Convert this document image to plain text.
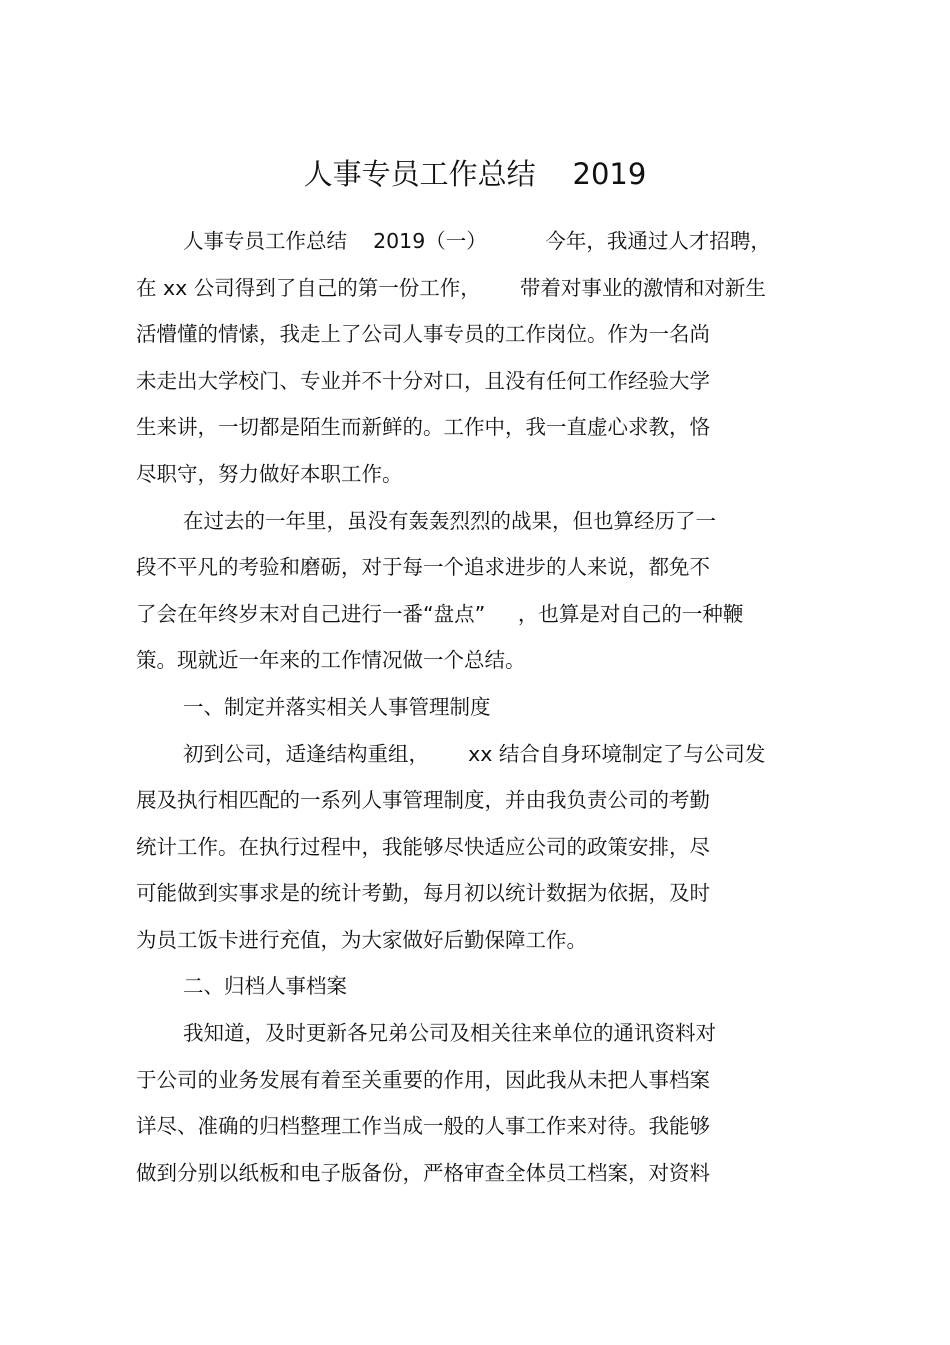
人事专员工作总结    2019
人事专员工作总结    2019（一）         今年，我通过人才招聘，
在 xx 公司得到了自己的第一份工作，      带着对事业的激情和对新生
活懵懂的情愫，我走上了公司人事专员的工作岗位。作为一名尚
未走出大学校门、专业并不十分对口，且没有任何工作经验大学
生来讲，一切都是陌生而新鲜的。工作中，我一直虚心求教，恪
尽职守，努力做好本职工作。
在过去的一年里，虽没有轰轰烈烈的战果，但也算经历了一
段不平凡的考验和磨砺，对于每一个追求进步的人来说，都免不
了会在年终岁末对自己进行一番“盘点”     ，也算是对自己的一种鞭
策。现就近一年来的工作情况做一个总结。
一、制定并落实相关人事管理制度
初到公司，适逢结构重组，      xx 结合自身环境制定了与公司发
展及执行相匹配的一系列人事管理制度，并由我负责公司的考勤
统计工作。在执行过程中，我能够尽快适应公司的政策安排，尽
可能做到实事求是的统计考勤，每月初以统计数据为依据，及时
为员工饭卡进行充值，为大家做好后勤保障工作。
二、归档人事档案
我知道，及时更新各兄弟公司及相关往来单位的通讯资料对
于公司的业务发展有着至关重要的作用，因此我从未把人事档案
详尽、准确的归档整理工作当成一般的人事工作来对待。我能够
做到分别以纸板和电子版备份，严格审查全体员工档案，对资料
